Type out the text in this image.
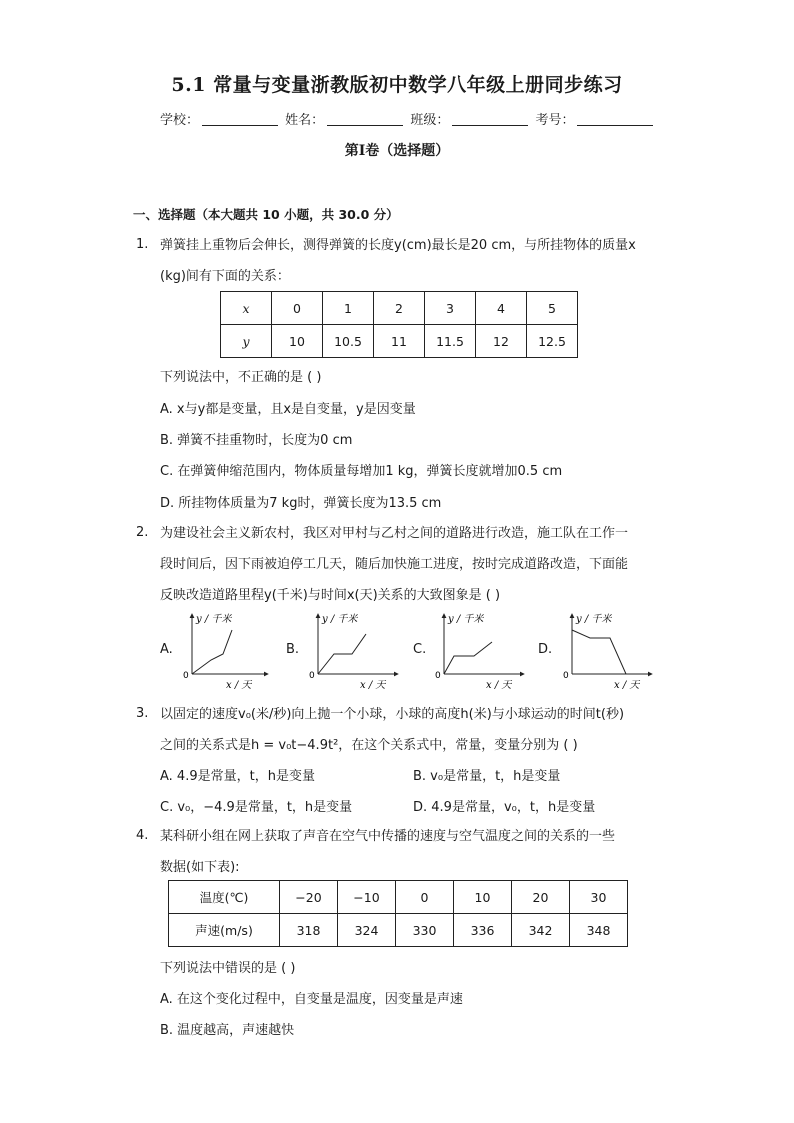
5.1 常量与变量浙教版初中数学八年级上册同步练习
学校：	姓名：	班级：	考号：
第I卷（选择题）
一、选择题（本大题共 10 小题，共 30.0 分）
1. 弹簧挂上重物后会伸长，测得弹簧的长度y(cm)最长是20 cm，与所挂物体的质量x
(kg)间有下面的关系：
x	0	1	2	3	4	5
y	10	10.5	11	11.5	12	12.5
下列说法中，不正确的是 ( )
A. x与y都是变量，且x是自变量，y是因变量
B. 弹簧不挂重物时，长度为0 cm
C. 在弹簧伸缩范围内，物体质量每增加1 kg，弹簧长度就增加0.5 cm
D. 所挂物体质量为7 kg时，弹簧长度为13.5 cm
2. 为建设社会主义新农村，我区对甲村与乙村之间的道路进行改造，施工队在工作一
段时间后，因下雨被迫停工几天，随后加快施工进度，按时完成道路改造，下面能
反映改造道路里程y(千米)与时间x(天)关系的大致图象是 ( )
A.
y / 千米
0
x / 天
B.
y / 千米
0
x / 天
C.
y / 千米
0
x / 天
D.
y / 千米
0
x / 天
3. 以固定的速度v₀(米/秒)向上抛一个小球，小球的高度h(米)与小球运动的时间t(秒)
之间的关系式是h = v₀t−4.9t²，在这个关系式中，常量，变量分别为 ( )
A. 4.9是常量，t，h是变量	B. v₀是常量，t，h是变量
C. v₀，−4.9是常量，t，h是变量	D. 4.9是常量，v₀，t，h是变量
4. 某科研小组在网上获取了声音在空气中传播的速度与空气温度之间的关系的一些
数据(如下表):
温度(℃)	−20	−10	0	10	20	30
声速(m/s)	318	324	330	336	342	348
下列说法中错误的是 ( )
A. 在这个变化过程中，自变量是温度，因变量是声速
B. 温度越高，声速越快
